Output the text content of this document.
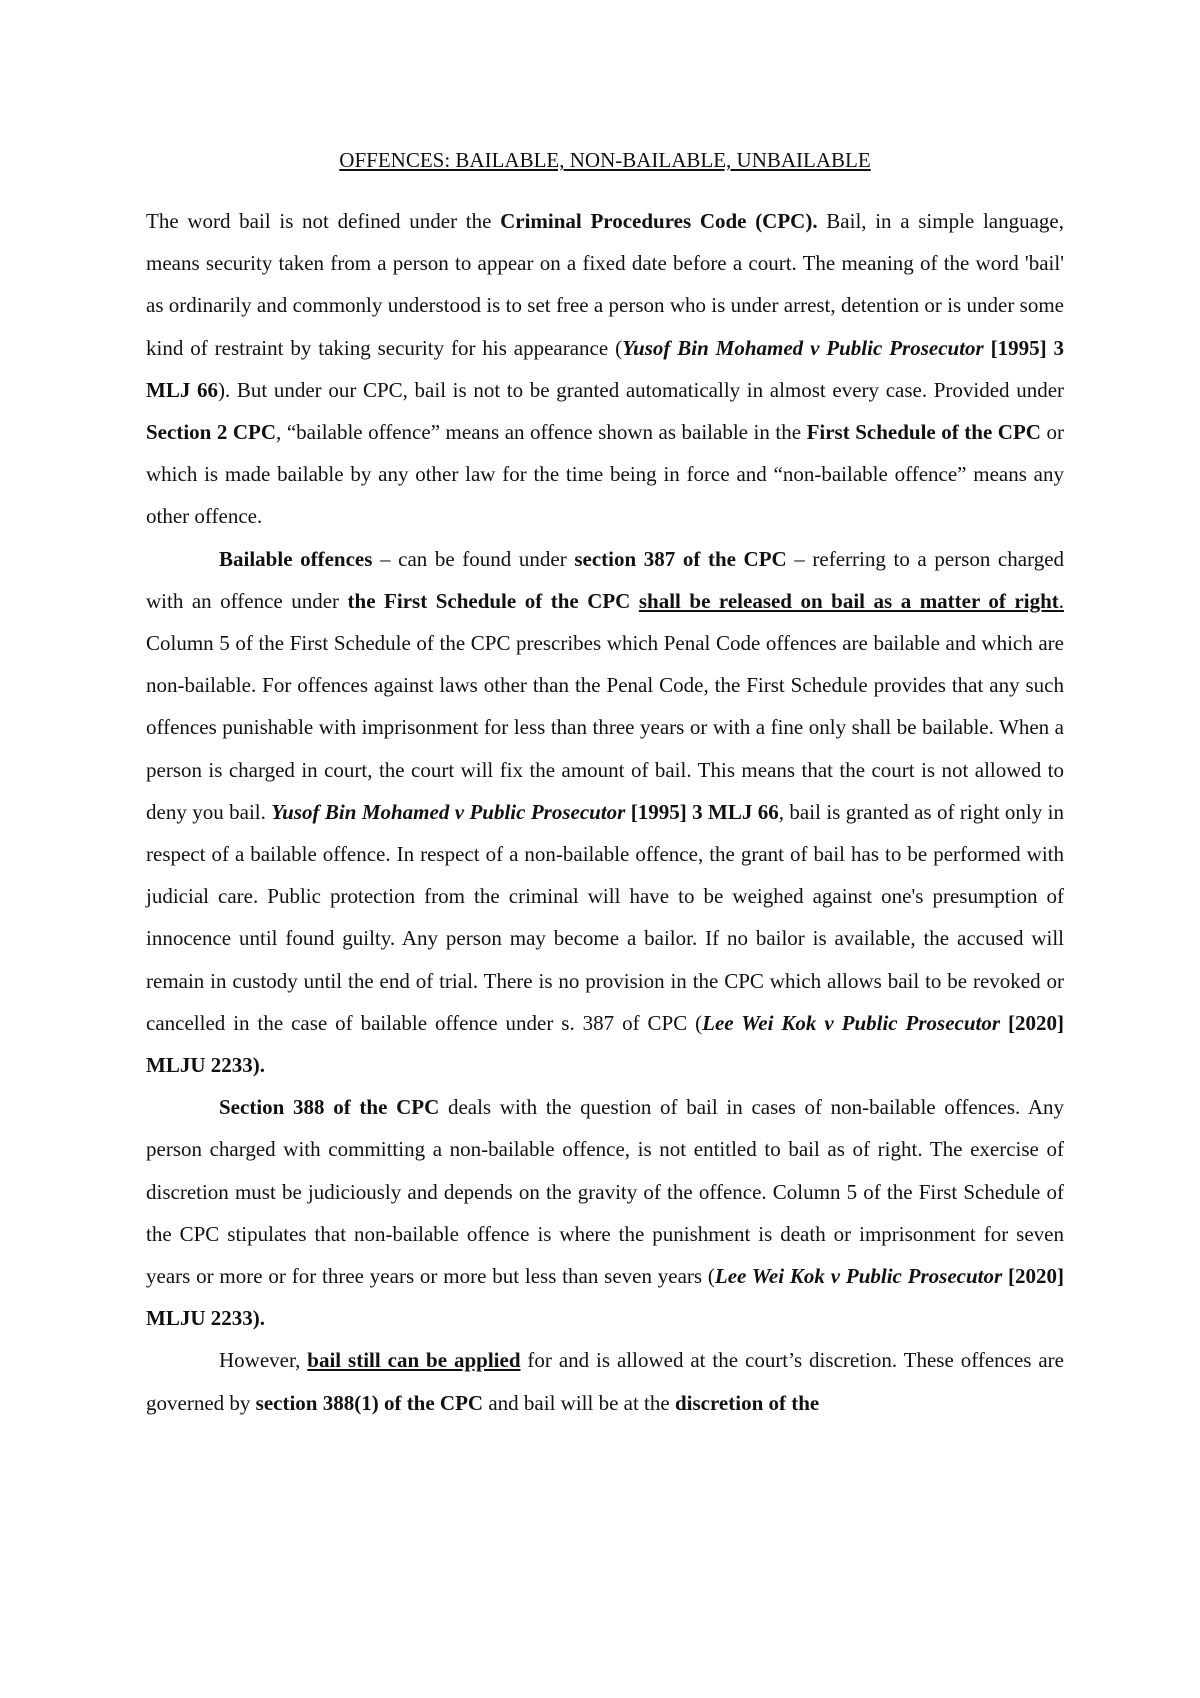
OFFENCES: BAILABLE, NON-BAILABLE, UNBAILABLE

The word bail is not defined under the Criminal Procedures Code (CPC). Bail, in a simple language, means security taken from a person to appear on a fixed date before a court. The meaning of the word 'bail' as ordinarily and commonly understood is to set free a person who is under arrest, detention or is under some kind of restraint by taking security for his appearance (Yusof Bin Mohamed v Public Prosecutor [1995] 3 MLJ 66). But under our CPC, bail is not to be granted automatically in almost every case. Provided under Section 2 CPC, “bailable offence” means an offence shown as bailable in the First Schedule of the CPC or which is made bailable by any other law for the time being in force and “non-bailable offence” means any other offence.

Bailable offences – can be found under section 387 of the CPC – referring to a person charged with an offence under the First Schedule of the CPC shall be released on bail as a matter of right. Column 5 of the First Schedule of the CPC prescribes which Penal Code offences are bailable and which are non-bailable. For offences against laws other than the Penal Code, the First Schedule provides that any such offences punishable with imprisonment for less than three years or with a fine only shall be bailable. When a person is charged in court, the court will fix the amount of bail. This means that the court is not allowed to deny you bail. Yusof Bin Mohamed v Public Prosecutor [1995] 3 MLJ 66, bail is granted as of right only in respect of a bailable offence. In respect of a non-bailable offence, the grant of bail has to be performed with judicial care. Public protection from the criminal will have to be weighed against one's presumption of innocence until found guilty. Any person may become a bailor. If no bailor is available, the accused will remain in custody until the end of trial. There is no provision in the CPC which allows bail to be revoked or cancelled in the case of bailable offence under s. 387 of CPC (Lee Wei Kok v Public Prosecutor [2020] MLJU 2233).

Section 388 of the CPC deals with the question of bail in cases of non-bailable offences. Any person charged with committing a non-bailable offence, is not entitled to bail as of right. The exercise of discretion must be judiciously and depends on the gravity of the offence. Column 5 of the First Schedule of the CPC stipulates that non-bailable offence is where the punishment is death or imprisonment for seven years or more or for three years or more but less than seven years (Lee Wei Kok v Public Prosecutor [2020] MLJU 2233).

However, bail still can be applied for and is allowed at the court’s discretion. These offences are governed by section 388(1) of the CPC and bail will be at the discretion of the
